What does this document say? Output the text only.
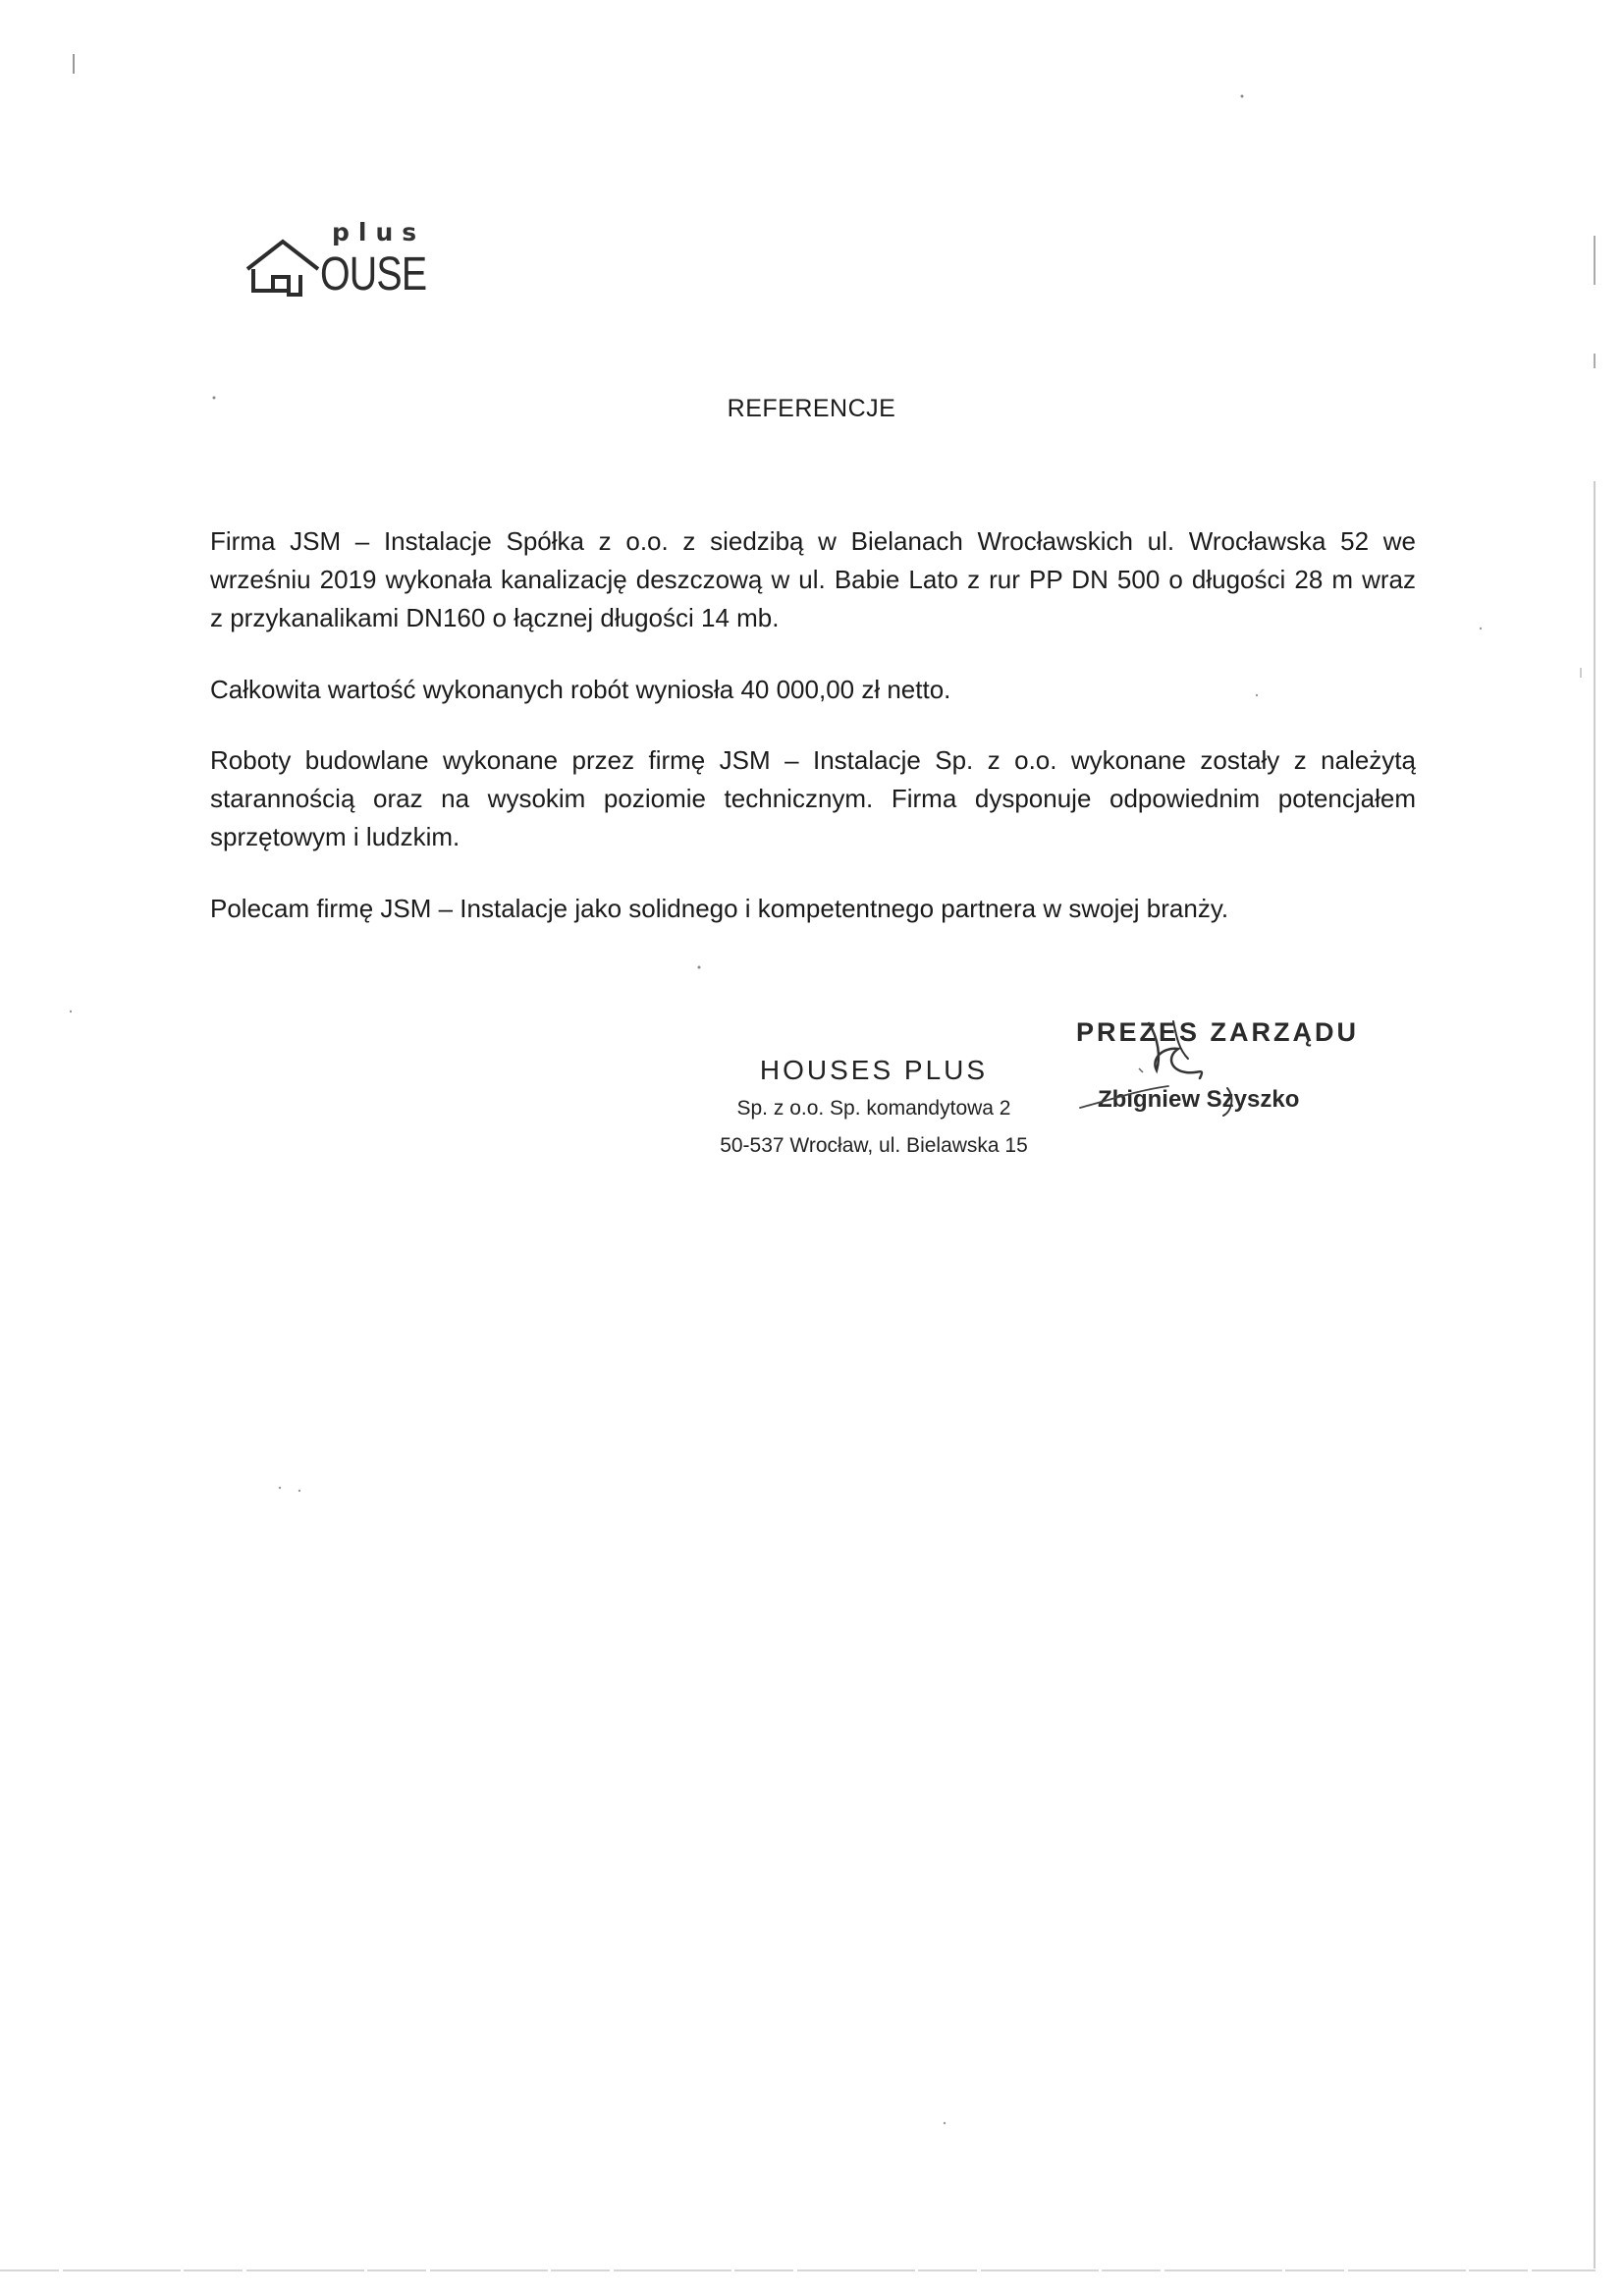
plus
OUSE
REFERENCJE
Firma JSM – Instalacje Spółka z o.o. z siedzibą w Bielanach Wrocławskich ul. Wrocławska 52 we
wrześniu 2019 wykonała kanalizację deszczową w ul. Babie Lato z rur PP DN 500 o długości 28 m wraz
z przykanalikami DN160 o łącznej długości 14 mb.
Całkowita wartość wykonanych robót wyniosła 40 000,00 zł netto.
Roboty budowlane wykonane przez firmę JSM – Instalacje Sp. z o.o. wykonane zostały z należytą
starannością oraz na wysokim poziomie technicznym. Firma dysponuje odpowiednim potencjałem
sprzętowym i ludzkim.
Polecam firmę JSM – Instalacje jako solidnego i kompetentnego partnera w swojej branży.
HOUSES PLUS
Sp. z o.o. Sp. komandytowa 2
50-537 Wrocław, ul. Bielawska 15
PREZES ZARZĄDU
Zbigniew Szyszko
